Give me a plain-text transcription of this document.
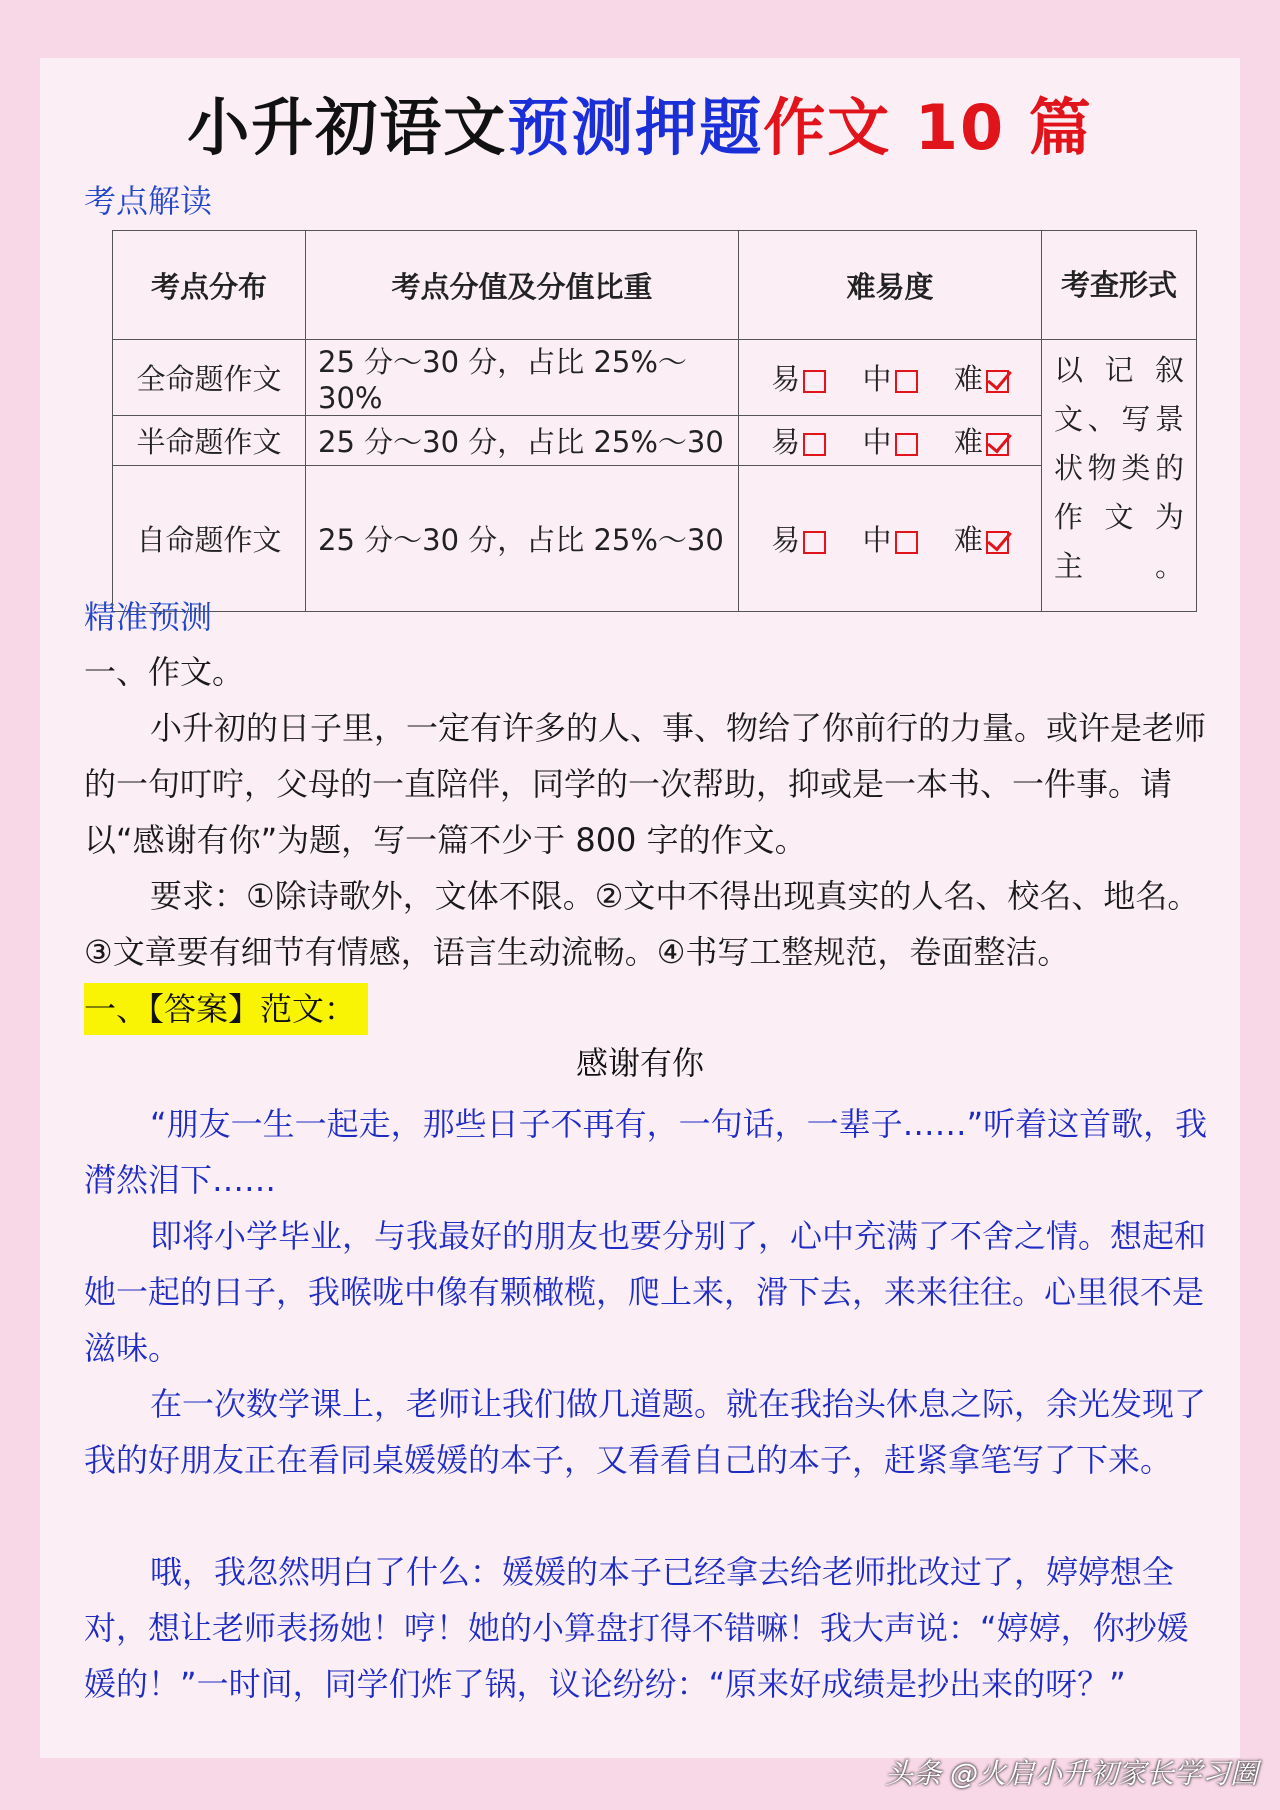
小升初语文预测押题作文 10 篇
考点解读
考点分布	考点分值及分值比重	难易度	考查形式
全命题作文	25 分～30 分，占比 25%～30%	易 中 难	以记叙文、写景状物类的作文为主。
半命题作文	25 分～30 分，占比 25%～30	易 中 难	

自命题作文	25 分～30 分，占比 25%～30	易 中 难	
精准预测
一、作文。
小升初的日子里，一定有许多的人、事、物给了你前行的力量。或许是老师的一句叮咛，父母的一直陪伴，同学的一次帮助，抑或是一本书、一件事。请以“感谢有你”为题，写一篇不少于 800 字的作文。
要求：①除诗歌外，文体不限。②文中不得出现真实的人名、校名、地名。③文章要有细节有情感，语言生动流畅。④书写工整规范，卷面整洁。
一、【答案】范文：
感谢有你
“朋友一生一起走，那些日子不再有，一句话，一辈子……”听着这首歌，我潸然泪下……
即将小学毕业，与我最好的朋友也要分别了，心中充满了不舍之情。想起和她一起的日子，我喉咙中像有颗橄榄，爬上来，滑下去，来来往往。心里很不是滋味。
在一次数学课上，老师让我们做几道题。就在我抬头休息之际，余光发现了我的好朋友正在看同桌媛媛的本子，又看看自己的本子，赶紧拿笔写了下来。
哦，我忽然明白了什么：媛媛的本子已经拿去给老师批改过了，婷婷想全对，想让老师表扬她！哼！她的小算盘打得不错嘛！我大声说：“婷婷，你抄媛媛的！”一时间，同学们炸了锅，议论纷纷：“原来好成绩是抄出来的呀？”
头条 @火启小升初家长学习圈
